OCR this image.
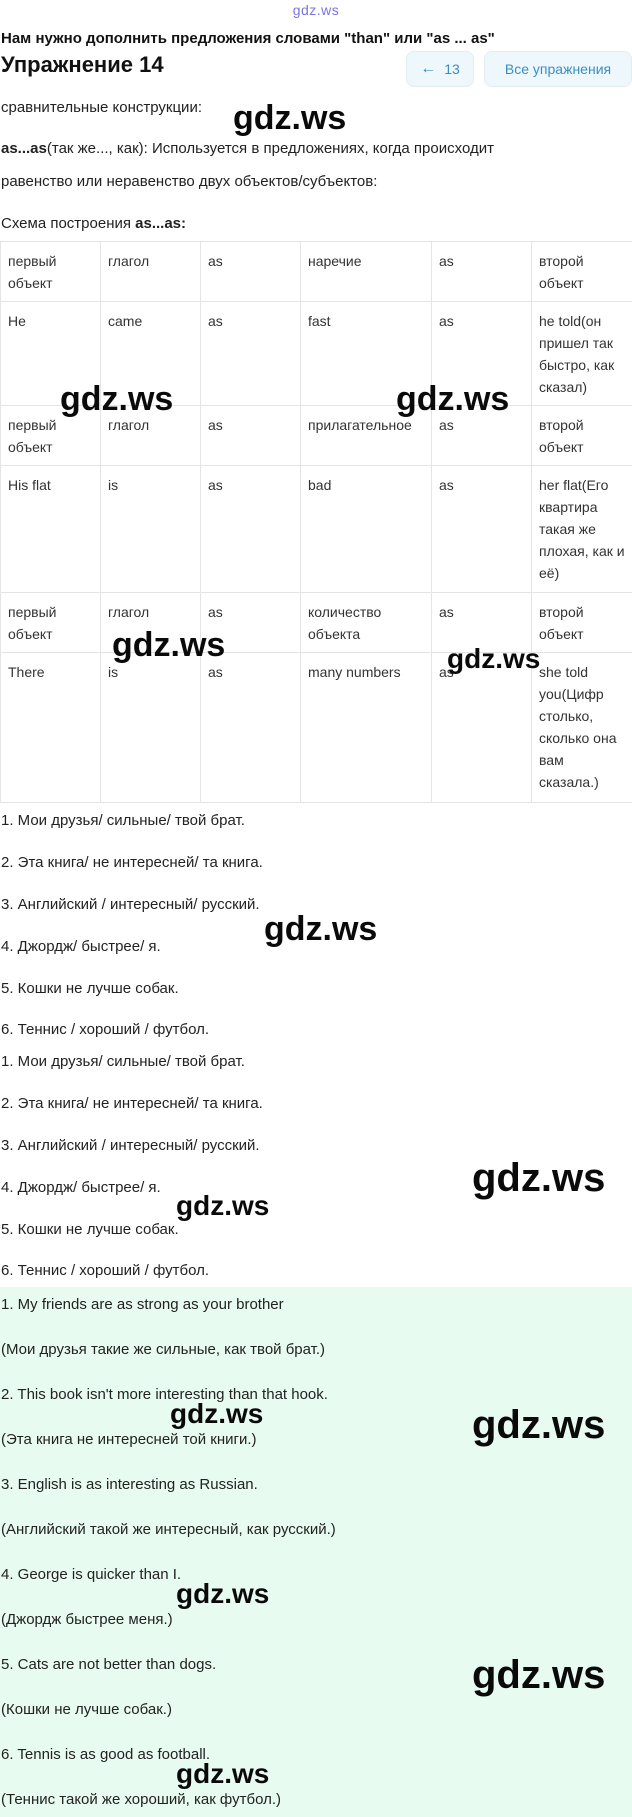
gdz.ws
Нам нужно дополнить предложения словами "than" или "as ... as"
Упражнение 14	← 13	Все упражнения
сравнительные конструкции:
as...as(так же..., как): Используется в предложениях, когда происходит
равенство или неравенство двух объектов/субъектов:
Схема построения as...as:
первый объект	глагол	as	наречие	as	второй объект
He	came	as	fast	as	he told(он пришел так быстро, как сказал)
первый объект	глагол	as	прилагательное	as	второй объект
His flat	is	as	bad	as	her flat(Его квартира такая же плохая, как и её)
первый объект	глагол	as	количество объекта	as	второй объект
There	is	as	many numbers	as	she told you(Цифр столько, сколько она вам сказала.)
1. Мои друзья/ сильные/ твой брат.
2. Эта книга/ не интересней/ та книга.
3. Английский / интересный/ русский.
4. Джордж/ быстрее/ я.
5. Кошки не лучше собак.
6. Теннис / хороший / футбол.
1. Мои друзья/ сильные/ твой брат.
2. Эта книга/ не интересней/ та книга.
3. Английский / интересный/ русский.
4. Джордж/ быстрее/ я.
5. Кошки не лучше собак.
6. Теннис / хороший / футбол.
1. My friends are as strong as your brother
(Мои друзья такие же сильные, как твой брат.)
2. This book isn't more interesting than that hook.
(Эта книга не интересней той книги.)
3. English is as interesting as Russian.
(Английский такой же интересный, как русский.)
4. George is quicker than I.
(Джордж быстрее меня.)
5. Cats are not better than dogs.
(Кошки не лучше собак.)
6. Tennis is as good as football.
(Теннис такой же хороший, как футбол.)
gdz.ws
gdz.ws	gdz.ws
gdz.ws	gdz.ws
gdz.ws
gdz.ws
gdz.ws
gdz.ws	gdz.ws
gdz.ws
gdz.ws
gdz.ws
